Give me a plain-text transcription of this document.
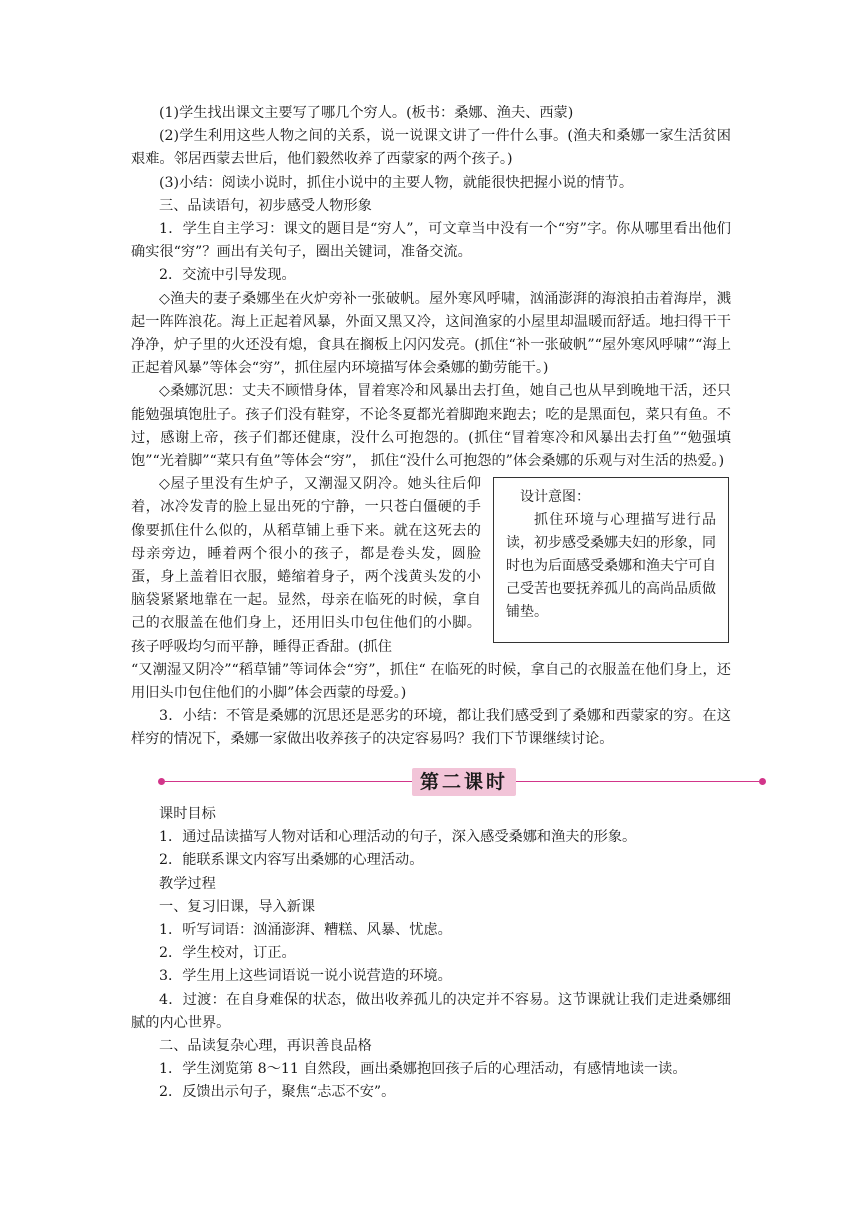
(1)学生找出课文主要写了哪几个穷人。(板书：桑娜、渔夫、西蒙)

(2)学生利用这些人物之间的关系，说一说课文讲了一件什么事。(渔夫和桑娜一家生活贫困艰难。邻居西蒙去世后，他们毅然收养了西蒙家的两个孩子。)

(3)小结：阅读小说时，抓住小说中的主要人物，就能很快把握小说的情节。

三、品读语句，初步感受人物形象

1．学生自主学习：课文的题目是“穷人”，可文章当中没有一个“穷”字。你从哪里看出他们确实很“穷”？画出有关句子，圈出关键词，准备交流。

2．交流中引导发现。

◇渔夫的妻子桑娜坐在火炉旁补一张破帆。屋外寒风呼啸，汹涌澎湃的海浪拍击着海岸，溅起一阵阵浪花。海上正起着风暴，外面又黑又冷，这间渔家的小屋里却温暖而舒适。地扫得干干净净，炉子里的火还没有熄，食具在搁板上闪闪发亮。(抓住“补一张破帆”“屋外寒风呼啸”“海上正起着风暴”等体会“穷”，抓住屋内环境描写体会桑娜的勤劳能干。)

◇桑娜沉思：丈夫不顾惜身体，冒着寒冷和风暴出去打鱼，她自己也从早到晚地干活，还只能勉强填饱肚子。孩子们没有鞋穿，不论冬夏都光着脚跑来跑去；吃的是黑面包，菜只有鱼。不过，感谢上帝，孩子们都还健康，没什么可抱怨的。(抓住“冒着寒冷和风暴出去打鱼”“勉强填饱”“光着脚”“菜只有鱼”等体会“穷”， 抓住“没什么可抱怨的”体会桑娜的乐观与对生活的热爱。)

设计意图：

抓住环境与心理描写进行品读，初步感受桑娜夫妇的形象，同时也为后面感受桑娜和渔夫宁可自己受苦也要抚养孤儿的高尚品质做铺垫。

◇屋子里没有生炉子，又潮湿又阴冷。她头往后仰着，冰冷发青的脸上显出死的宁静，一只苍白僵硬的手像要抓住什么似的，从稻草铺上垂下来。就在这死去的母亲旁边，睡着两个很小的孩子，都是卷头发，圆脸蛋，身上盖着旧衣服，蜷缩着身子，两个浅黄头发的小脑袋紧紧地靠在一起。显然，母亲在临死的时候，拿自己的衣服盖在他们身上，还用旧头巾包住他们的小脚。孩子呼吸均匀而平静，睡得正香甜。(抓住

“又潮湿又阴冷”“稻草铺”等词体会“穷”，抓住“ 在临死的时候，拿自己的衣服盖在他们身上，还用旧头巾包住他们的小脚”体会西蒙的母爱。)

3．小结：不管是桑娜的沉思还是恶劣的环境，都让我们感受到了桑娜和西蒙家的穷。在这样穷的情况下，桑娜一家做出收养孩子的决定容易吗？我们下节课继续讨论。

第二课时

课时目标

1．通过品读描写人物对话和心理活动的句子，深入感受桑娜和渔夫的形象。

2．能联系课文内容写出桑娜的心理活动。

教学过程

一、复习旧课，导入新课

1．听写词语：汹涌澎湃、糟糕、风暴、忧虑。

2．学生校对，订正。

3．学生用上这些词语说一说小说营造的环境。

4．过渡：在自身难保的状态，做出收养孤儿的决定并不容易。这节课就让我们走进桑娜细腻的内心世界。

二、品读复杂心理，再识善良品格

1．学生浏览第 8～11 自然段，画出桑娜抱回孩子后的心理活动，有感情地读一读。

2．反馈出示句子，聚焦“忐忑不安”。
